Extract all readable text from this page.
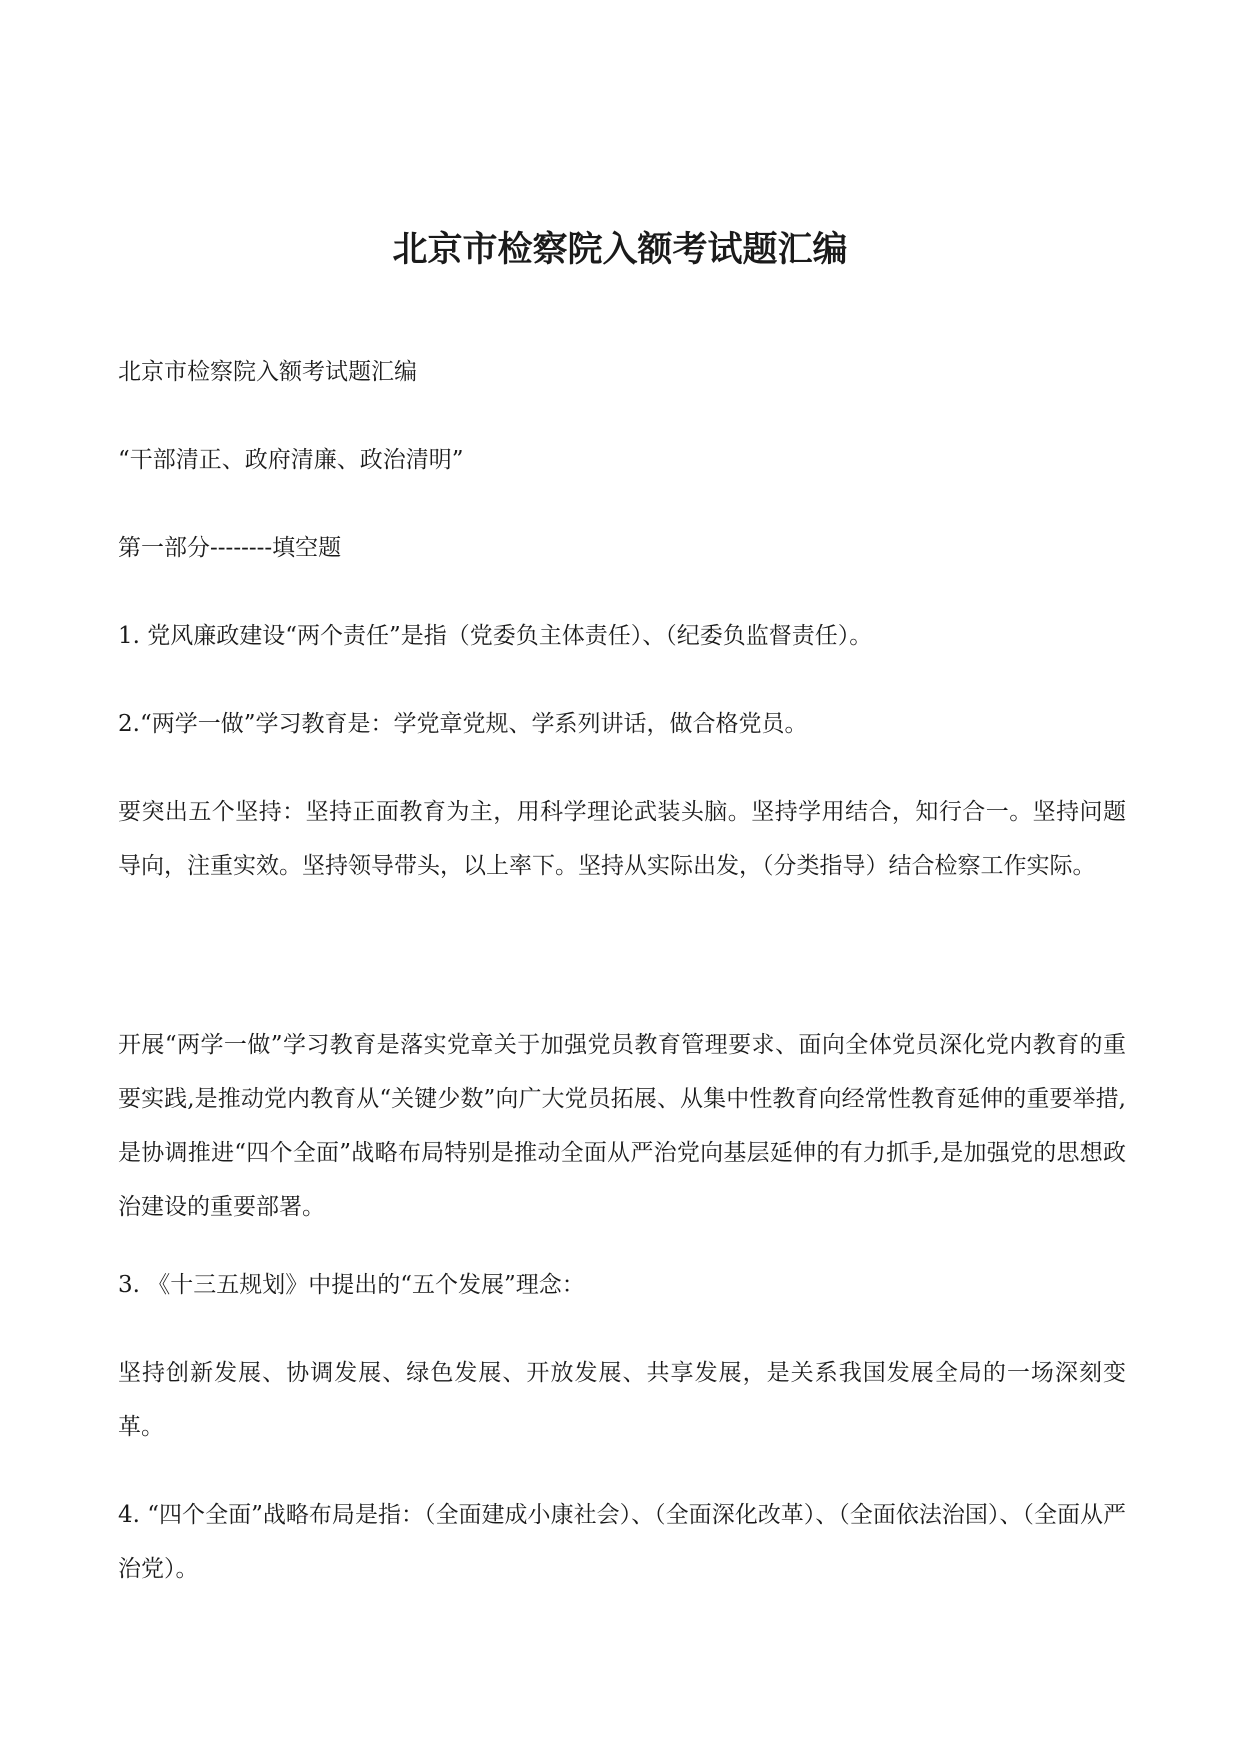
北京市检察院入额考试题汇编

北京市检察院入额考试题汇编

“干部清正、政府清廉、政治清明”

第一部分--------填空题

1. 党风廉政建设“两个责任”是指（党委负主体责任）、（纪委负监督责任）。

2.“两学一做”学习教育是：学党章党规、学系列讲话，做合格党员。

要突出五个坚持：坚持正面教育为主，用科学理论武装头脑。坚持学用结合，知行合一。坚持问题导向，注重实效。坚持领导带头，以上率下。坚持从实际出发，（分类指导）结合检察工作实际。

开展“两学一做”学习教育是落实党章关于加强党员教育管理要求、面向全体党员深化党内教育的重要实践,是推动党内教育从“关键少数”向广大党员拓展、从集中性教育向经常性教育延伸的重要举措,是协调推进“四个全面”战略布局特别是推动全面从严治党向基层延伸的有力抓手,是加强党的思想政治建设的重要部署。

3. 《十三五规划》中提出的“五个发展”理念：

坚持创新发展、协调发展、绿色发展、开放发展、共享发展，是关系我国发展全局的一场深刻变革。

4. “四个全面”战略布局是指：（全面建成小康社会）、（全面深化改革）、（全面依法治国）、（全面从严治党）。
